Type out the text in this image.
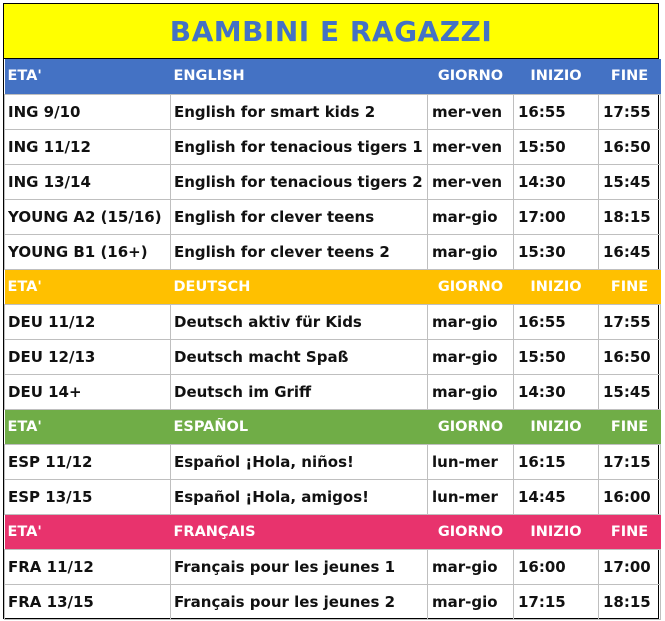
BAMBINI E RAGAZZI
ETA'	ENGLISH	GIORNO	INIZIO	FINE
ING 9/10	English for smart kids 2	mer-ven	16:55	17:55
ING 11/12	English for tenacious tigers 1	mer-ven	15:50	16:50
ING 13/14	English for tenacious tigers 2	mer-ven	14:30	15:45
YOUNG A2 (15/16)	English for clever teens	mar-gio	17:00	18:15
YOUNG B1 (16+)	English for clever teens 2	mar-gio	15:30	16:45
ETA'	DEUTSCH	GIORNO	INIZIO	FINE
DEU 11/12	Deutsch aktiv für Kids	mar-gio	16:55	17:55
DEU 12/13	Deutsch macht Spaß	mar-gio	15:50	16:50
DEU 14+	Deutsch im Griff	mar-gio	14:30	15:45
ETA'	ESPAÑOL	GIORNO	INIZIO	FINE
ESP 11/12	Español ¡Hola, niños!	lun-mer	16:15	17:15
ESP 13/15	Español ¡Hola, amigos!	lun-mer	14:45	16:00
ETA'	FRANÇAIS	GIORNO	INIZIO	FINE
FRA 11/12	Français pour les jeunes 1	mar-gio	16:00	17:00
FRA 13/15	Français pour les jeunes 2	mar-gio	17:15	18:15
